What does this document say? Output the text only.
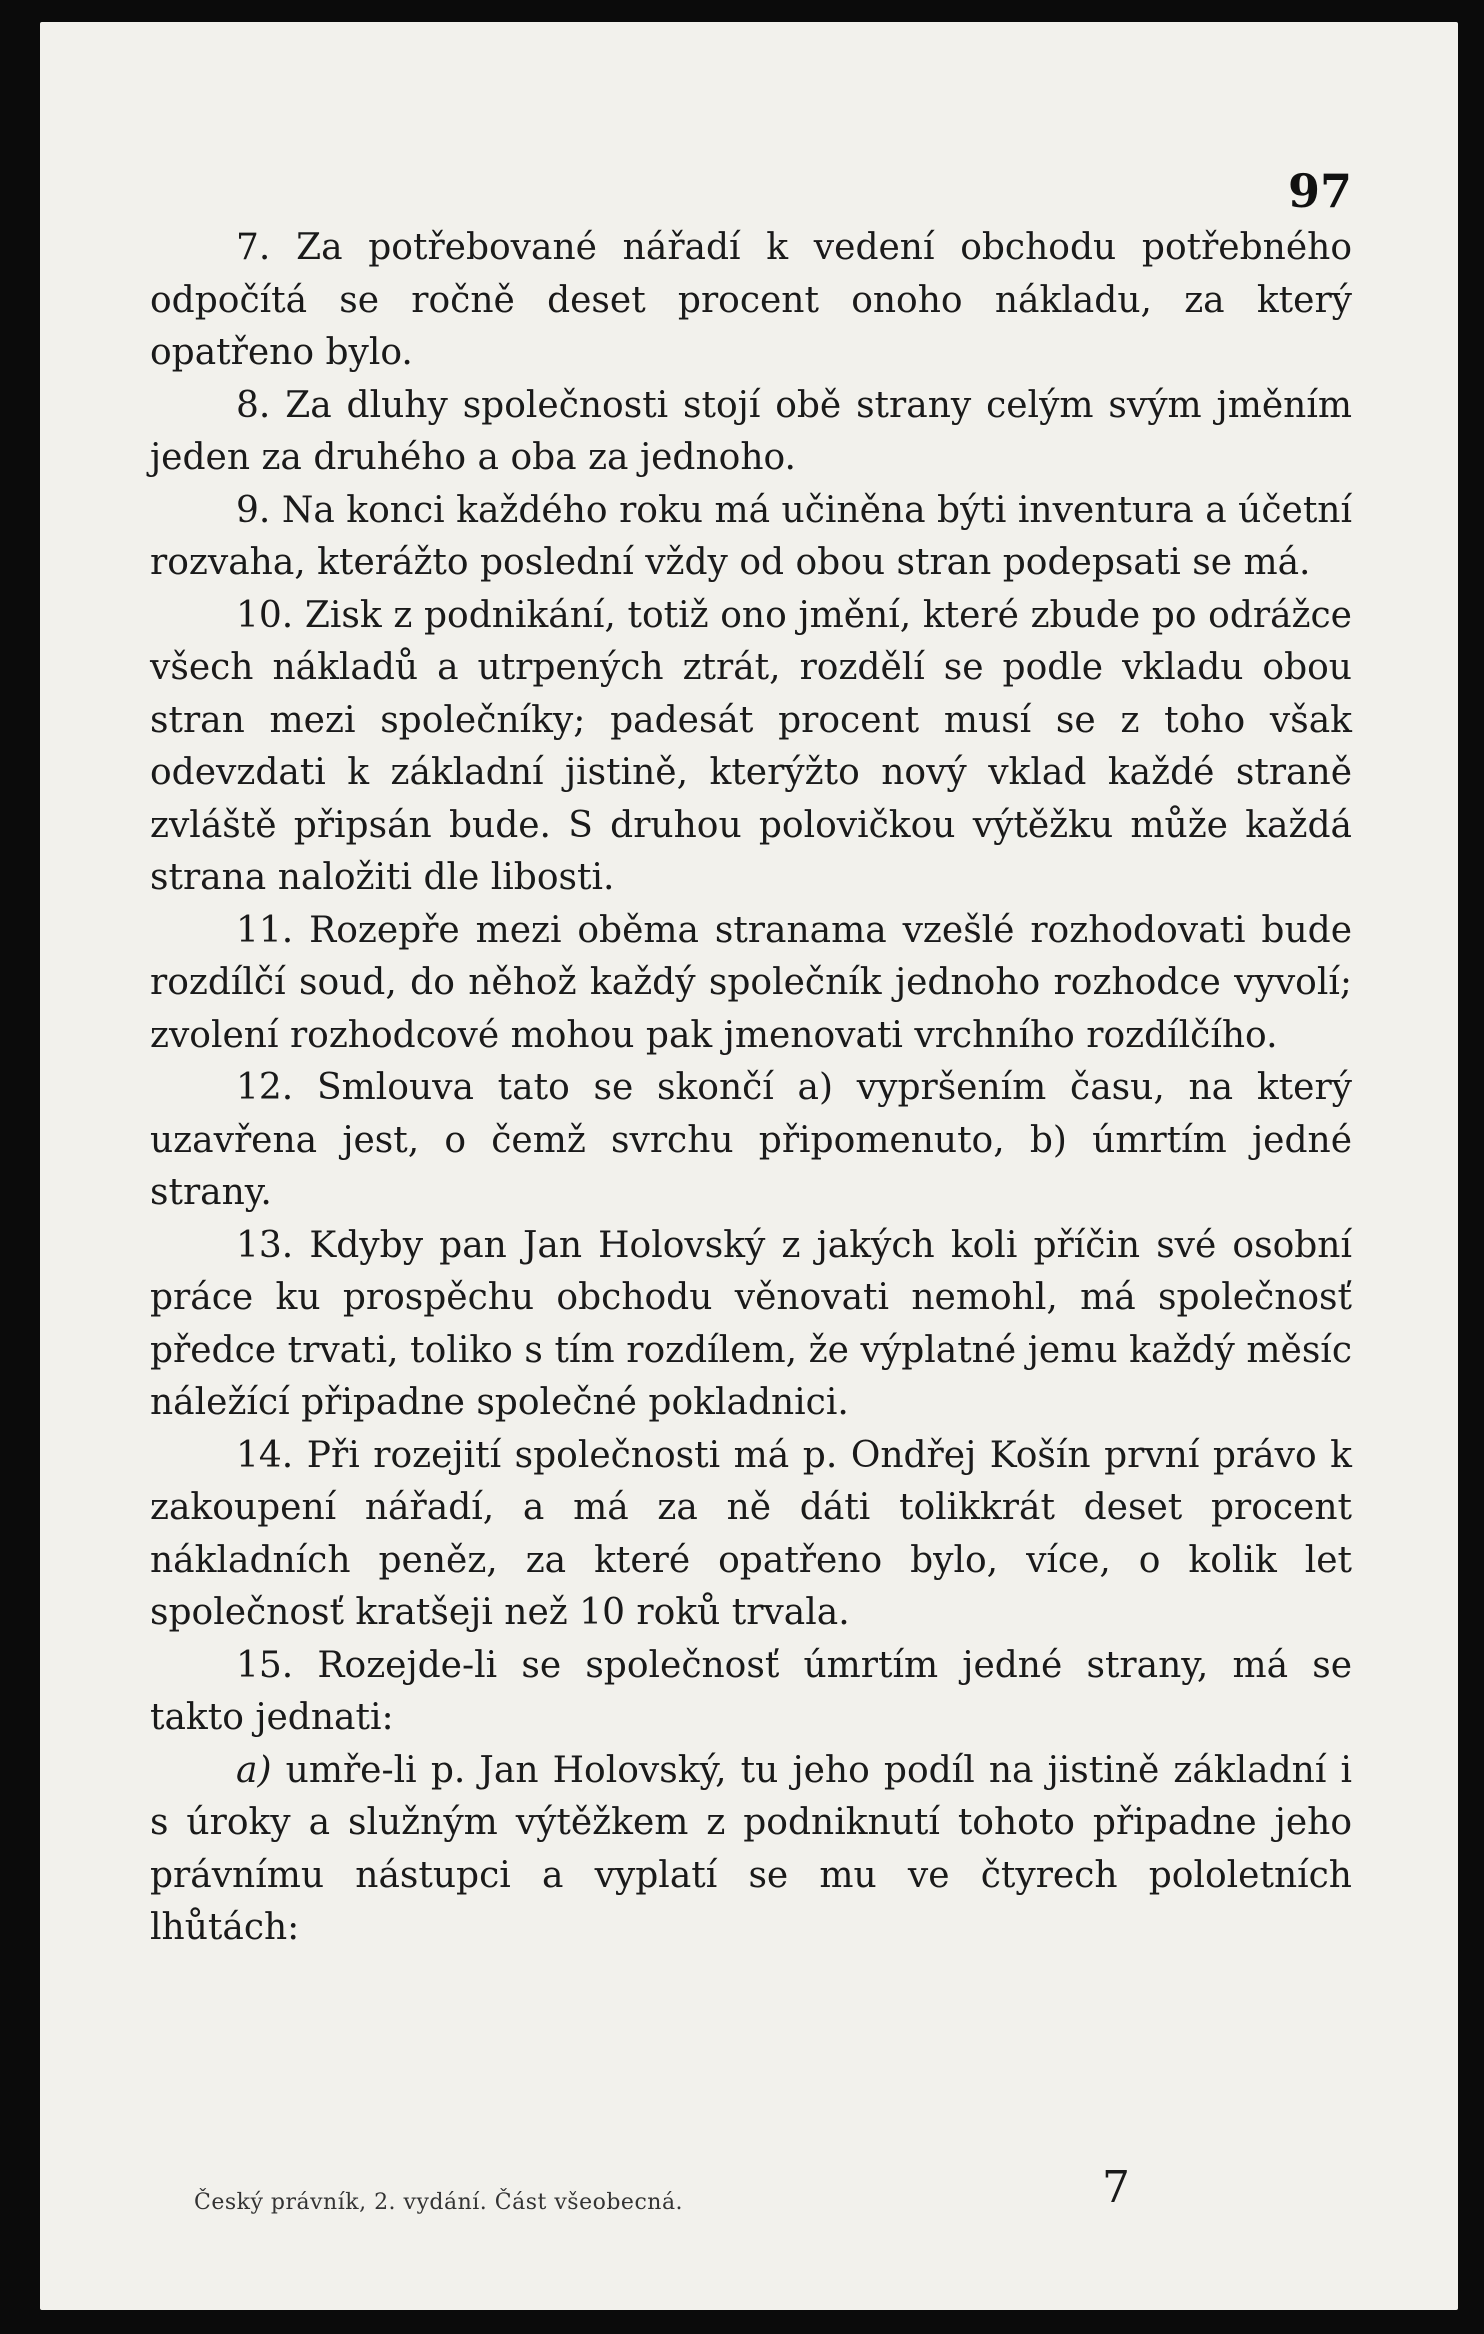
97

7. Za potřebované nářadí k vedení obchodu potřebného odpočítá se ročně deset procent onoho nákladu, za který opatřeno bylo.

8. Za dluhy společnosti stojí obě strany celým svým jměním jeden za druhého a oba za jednoho.

9. Na konci každého roku má učiněna býti inventura a účetní rozvaha, kterážto poslední vždy od obou stran podepsati se má.

10. Zisk z podnikání, totiž ono jmění, které zbude po odrážce všech nákladů a utrpených ztrát, rozdělí se podle vkladu obou stran mezi společníky; padesát procent musí se z toho však odevzdati k základní jistině, kterýžto nový vklad každé straně zvláště připsán bude. S druhou polovičkou výtěžku může každá strana naložiti dle libosti.

11. Rozepře mezi oběma stranama vzešlé rozhodovati bude rozdílčí soud, do něhož každý společník jednoho rozhodce vyvolí; zvolení rozhodcové mohou pak jmenovati vrchního rozdílčího.

12. Smlouva tato se skončí a) vypršením času, na který uzavřena jest, o čemž svrchu připomenuto, b) úmrtím jedné strany.

13. Kdyby pan Jan Holovský z jakých koli příčin své osobní práce ku prospěchu obchodu věnovati nemohl, má společnosť předce trvati, toliko s tím rozdílem, že výplatné jemu každý měsíc náležící připadne společné pokladnici.

14. Při rozejití společnosti má p. Ondřej Košín první právo k zakoupení nářadí, a má za ně dáti tolikkrát deset procent nákladních peněz, za které opatřeno bylo, více, o kolik let společnosť kratšeji než 10 roků trvala.

15. Rozejde-li se společnosť úmrtím jedné strany, má se takto jednati:

a) umře-li p. Jan Holovský, tu jeho podíl na jistině základní i s úroky a služným výtěžkem z podniknutí tohoto připadne jeho právnímu nástupci a vyplatí se mu ve čtyrech pololetních lhůtách:

Český právník, 2. vydání. Část všeobecná.	7
